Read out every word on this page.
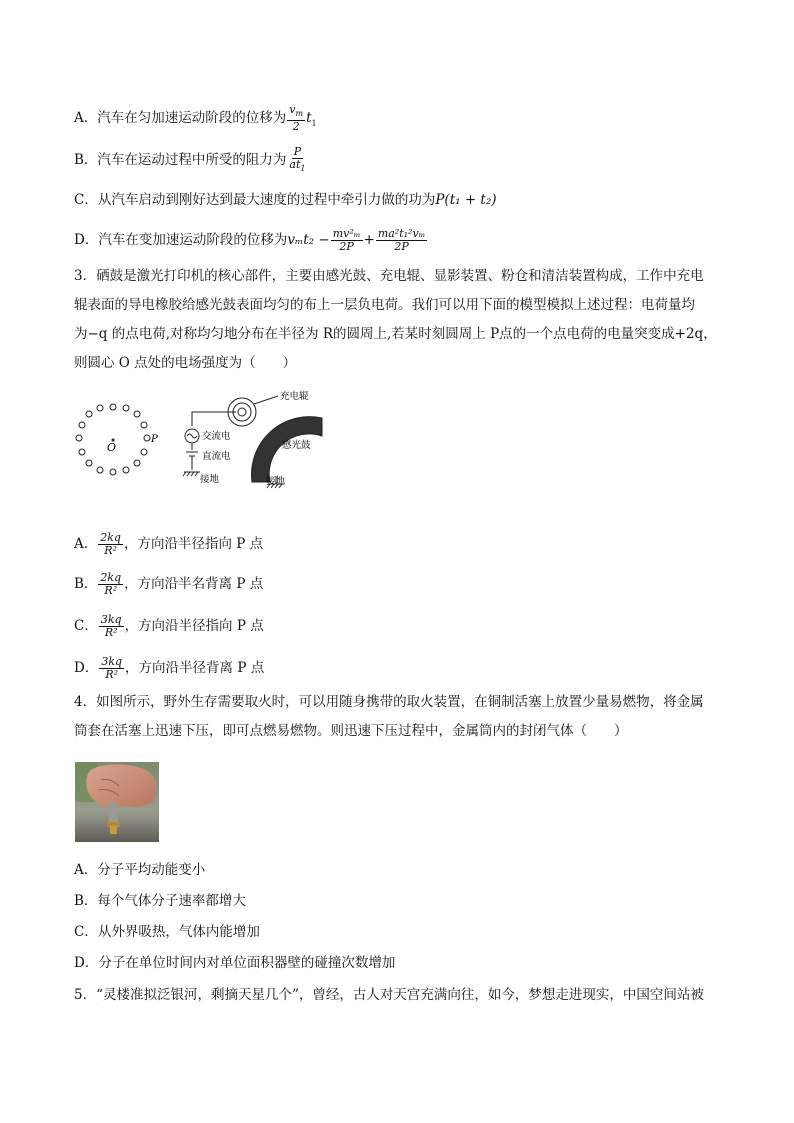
A．汽车在匀加速运动阶段的位移为 $\frac{v_m}{2} t_1$
B．汽车在运动过程中所受的阻力为 $\frac{P}{at_1}$
C．从汽车启动到刚好达到最大速度的过程中牵引力做的功为P(t₁ + t₂)
D．汽车在变加速运动阶段的位移为$v_mt_2 - \frac{\text{mv²ₘ}}{2P} + \frac{\text{ma²t₁²vₘ}}{2P}$
3．硒鼓是激光打印机的核心部件，主要由感光鼓、充电辊、显影装置、粉仓和清洁装置构成，工作中充电
辊表面的导电橡胶给感光鼓表面均匀的布上一层负电荷。我们可以用下面的模型模拟上述过程：电荷量均
为−q 的点电荷,对称均匀地分布在半径为 R的圆周上,若某时刻圆周上 P点的一个点电荷的电量突变成+2q，
则圆心 O 点处的电场强度为（　　）
O
P
充电辊
交流电
直流电
接地
感光鼓
接地
A． $\frac{2kq}{\text{R²}}$ ，方向沿半径指向 P 点
B． $\frac{2kq}{\text{R²}}$ ，方向沿半名背离 P 点
C． $\frac{3kq}{\text{R²}}$ ，方向沿半径指向 P 点
D． $\frac{3kq}{\text{R²}}$ ，方向沿半径背离 P 点
4．如图所示，野外生存需要取火时，可以用随身携带的取火装置，在铜制活塞上放置少量易燃物，将金属
筒套在活塞上迅速下压，即可点燃易燃物。则迅速下压过程中，金属筒内的封闭气体（　　）
A．分子平均动能变小
B．每个气体分子速率都增大
C．从外界吸热，气体内能增加
D．分子在单位时间内对单位面积器壁的碰撞次数增加
5．“灵楼准拟泛银河，剩摘天星几个”，曾经，古人对天宫充满向往，如今，梦想走进现实，中国空间站被
